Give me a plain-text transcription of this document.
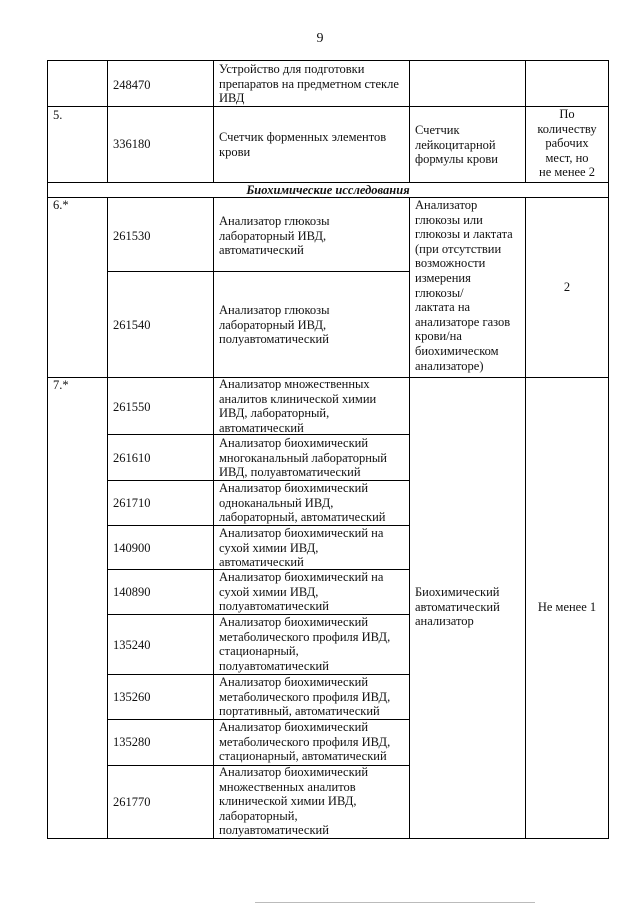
9
Биохимические исследования
248470
Устройство для подготовки
препаратов на предметном стекле
ИВД
5.
336180	Счетчик форменных элементов
крови
Счетчик
лейкоцитарной
формулы крови
По
количеству
рабочих
мест, но
не менее 2
6.*
261530
Анализатор глюкозы
лабораторный ИВД,
автоматический
261540
Анализатор глюкозы
лабораторный ИВД,
полуавтоматический
Анализатор
глюкозы или
глюкозы и лактата
(при отсутствии
возможности
измерения
глюкозы/
лактата на
анализаторе газов
крови/на
биохимическом
анализаторе)
2
7.*
261550
Анализатор множественных
аналитов клинической химии
ИВД, лабораторный,
автоматический
261610
Анализатор биохимический
многоканальный лабораторный
ИВД, полуавтоматический
261710
Анализатор биохимический
одноканальный ИВД,
лабораторный, автоматический
140900
Анализатор биохимический на
сухой химии ИВД,
автоматический
140890
Анализатор биохимический на
сухой химии ИВД,
полуавтоматический
135240
Анализатор биохимический
метаболического профиля ИВД,
стационарный,
полуавтоматический
135260
Анализатор биохимический
метаболического профиля ИВД,
портативный, автоматический
135280
Анализатор биохимический
метаболического профиля ИВД,
стационарный, автоматический
261770
Анализатор биохимический
множественных аналитов
клинической химии ИВД,
лабораторный,
полуавтоматический
Биохимический
автоматический
анализатор
Не менее 1
